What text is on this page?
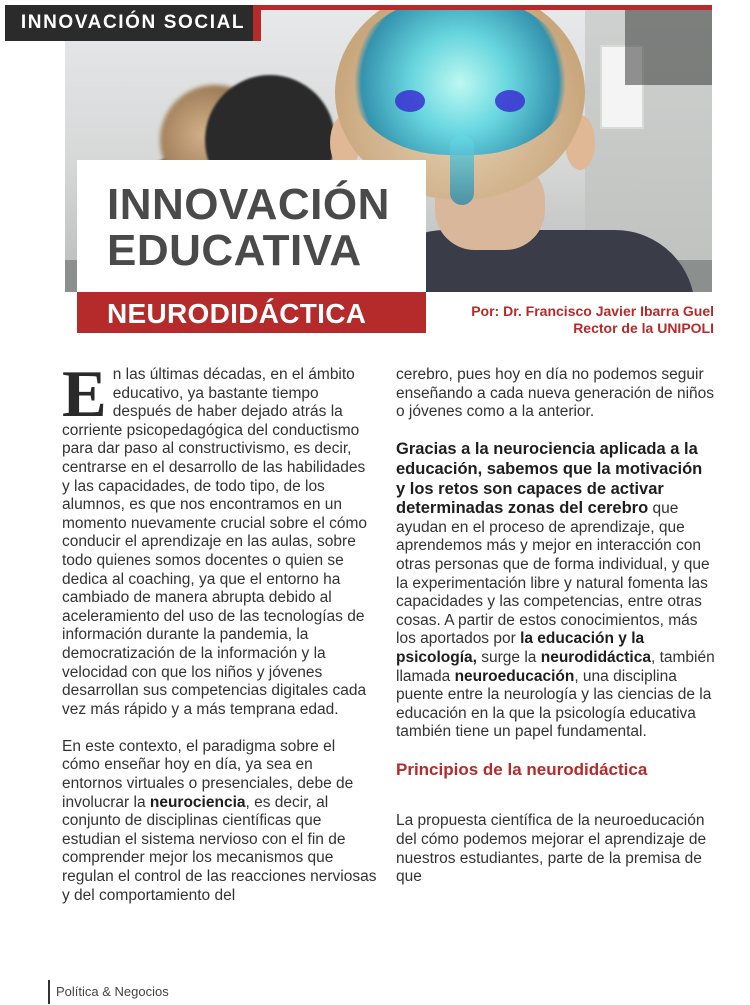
INNOVACIÓN SOCIAL
INNOVACIÓN
EDUCATIVA
NEURODIDÁCTICA	Por: Dr. Francisco Javier Ibarra Guel
Rector de la UNIPOLI

En las últimas décadas, en el ámbito educativo, ya bastante tiempo después de haber dejado atrás la corriente psicopedagógica del conductismo para dar paso al constructivismo, es decir, centrarse en el desarrollo de las habilidades y las capacidades, de todo tipo, de los alumnos, es que nos encontramos en un momento nuevamente crucial sobre el cómo conducir el aprendizaje en las aulas, sobre todo quienes somos docentes o quien se dedica al coaching, ya que el entorno ha cambiado de manera abrupta debido al aceleramiento del uso de las tecnologías de información durante la pandemia, la democratización de la información y la velocidad con que los niños y jóvenes desarrollan sus competencias digitales cada vez más rápido y a más temprana edad.

En este contexto, el paradigma sobre el cómo enseñar hoy en día, ya sea en entornos virtuales o presenciales, debe de involucrar la neurociencia, es decir, al conjunto de disciplinas científicas que estudian el sistema nervioso con el fin de comprender mejor los mecanismos que regulan el control de las reacciones nerviosas y del comportamiento del

cerebro, pues hoy en día no podemos seguir enseñando a cada nueva generación de niños o jóvenes como a la anterior.

Gracias a la neurociencia aplicada a la educación, sabemos que la motivación y los retos son capaces de activar determinadas zonas del cerebro que ayudan en el proceso de aprendizaje, que aprendemos más y mejor en interacción con otras personas que de forma individual, y que la experimentación libre y natural fomenta las capacidades y las competencias, entre otras cosas. A partir de estos conocimientos, más los aportados por la educación y la psicología, surge la neurodidáctica, también llamada neuroeducación, una disciplina puente entre la neurología y las ciencias de la educación en la que la psicología educativa también tiene un papel fundamental.

Principios de la neurodidáctica

La propuesta científica de la neuroeducación del cómo podemos mejorar el aprendizaje de nuestros estudiantes, parte de la premisa de que

Política & Negocios
